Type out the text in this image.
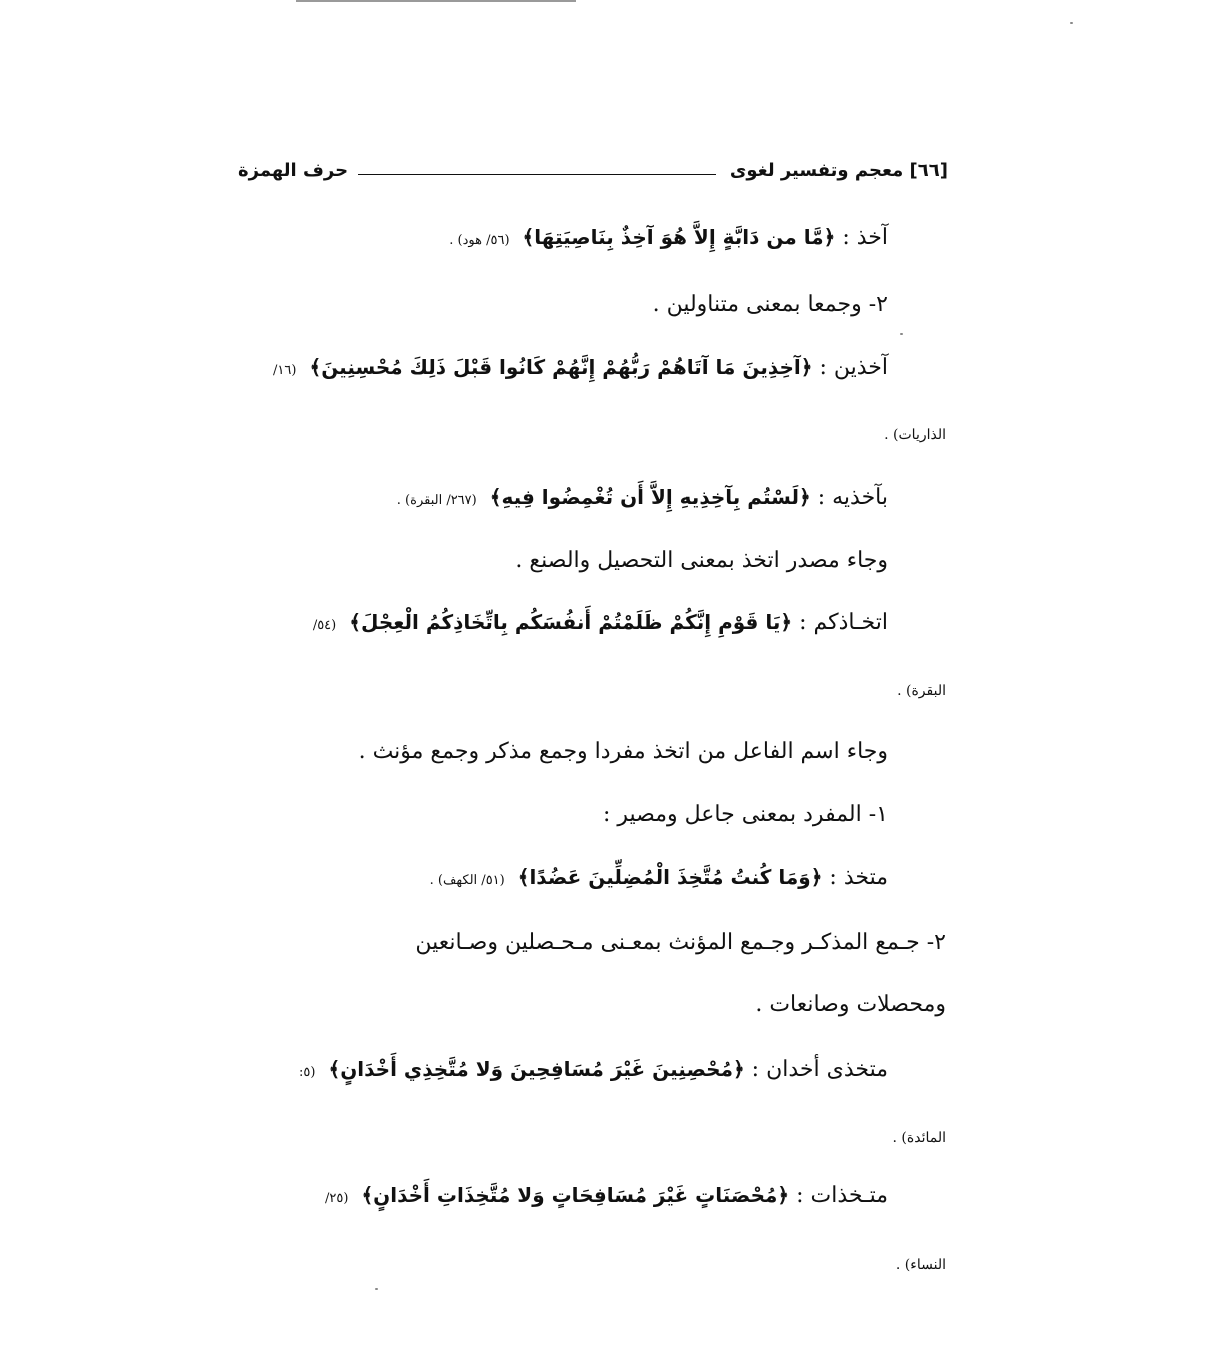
[٦٦] معجم وتفسير لغوى
حرف الهمزة
آخذ : ﴿مَّا من دَابَّةٍ إِلاَّ هُوَ آخِذٌ بِنَاصِيَتِهَا﴾ (٥٦/ هود) .
٢- وجمعا بمعنى متناولين .
آخذين : ﴿آخِذِينَ مَا آتَاهُمْ رَبُّهُمْ إِنَّهُمْ كَانُوا قَبْلَ ذَلِكَ مُحْسِنِينَ﴾ (١٦/
الذاريات) .
بآخذيه : ﴿لَسْتُم بِآخِذِيهِ إِلاَّ أَن تُغْمِضُوا فِيهِ﴾ (٢٦٧/ البقرة) .
وجاء مصدر اتخذ بمعنى التحصيل والصنع .
اتخـاذكم : ﴿يَا قَوْمِ إِنَّكُمْ ظَلَمْتُمْ أَنفُسَكُم بِاتِّخَاذِكُمُ الْعِجْلَ﴾ (٥٤/
البقرة) .
وجاء اسم الفاعل من اتخذ مفردا وجمع مذكر وجمع مؤنث .
١- المفرد بمعنى جاعل ومصير :
متخذ : ﴿وَمَا كُنتُ مُتَّخِذَ الْمُضِلِّينَ عَضُدًا﴾ (٥١/ الكهف) .
٢- جـمع المذكـر وجـمع المؤنث بمعـنى مـحـصلين وصـانعين
ومحصلات وصانعات .
متخذى أخدان : ﴿مُحْصِنِينَ غَيْرَ مُسَافِحِينَ وَلا مُتَّخِذِي أَخْدَانٍ﴾ (٥:
المائدة) .
متـخذات : ﴿مُحْصَنَاتٍ غَيْرَ مُسَافِحَاتٍ وَلا مُتَّخِذَاتِ أَخْدَانٍ﴾ (٢٥/
النساء) .
